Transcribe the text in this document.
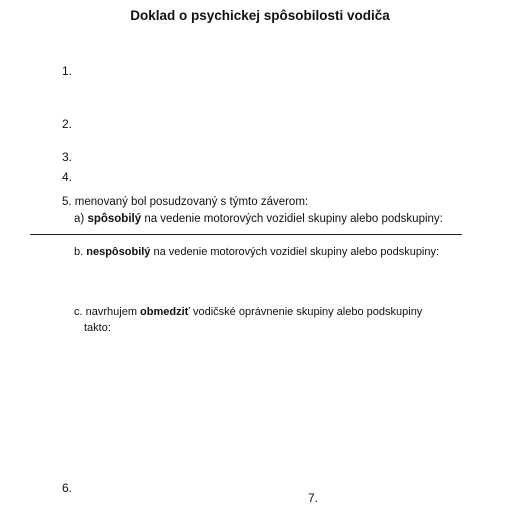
Doklad o psychickej spôsobilosti vodiča
1.
2.
3.
4.
5. menovaný bol posudzovaný s týmto záverom:
a) spôsobilý na vedenie motorových vozidiel skupiny alebo podskupiny:
b. nespôsobilý na vedenie motorových vozidiel skupiny alebo podskupiny:
c. navrhujem obmedziť vodičské oprávnenie skupiny alebo podskupiny
takto:
6.
7.
